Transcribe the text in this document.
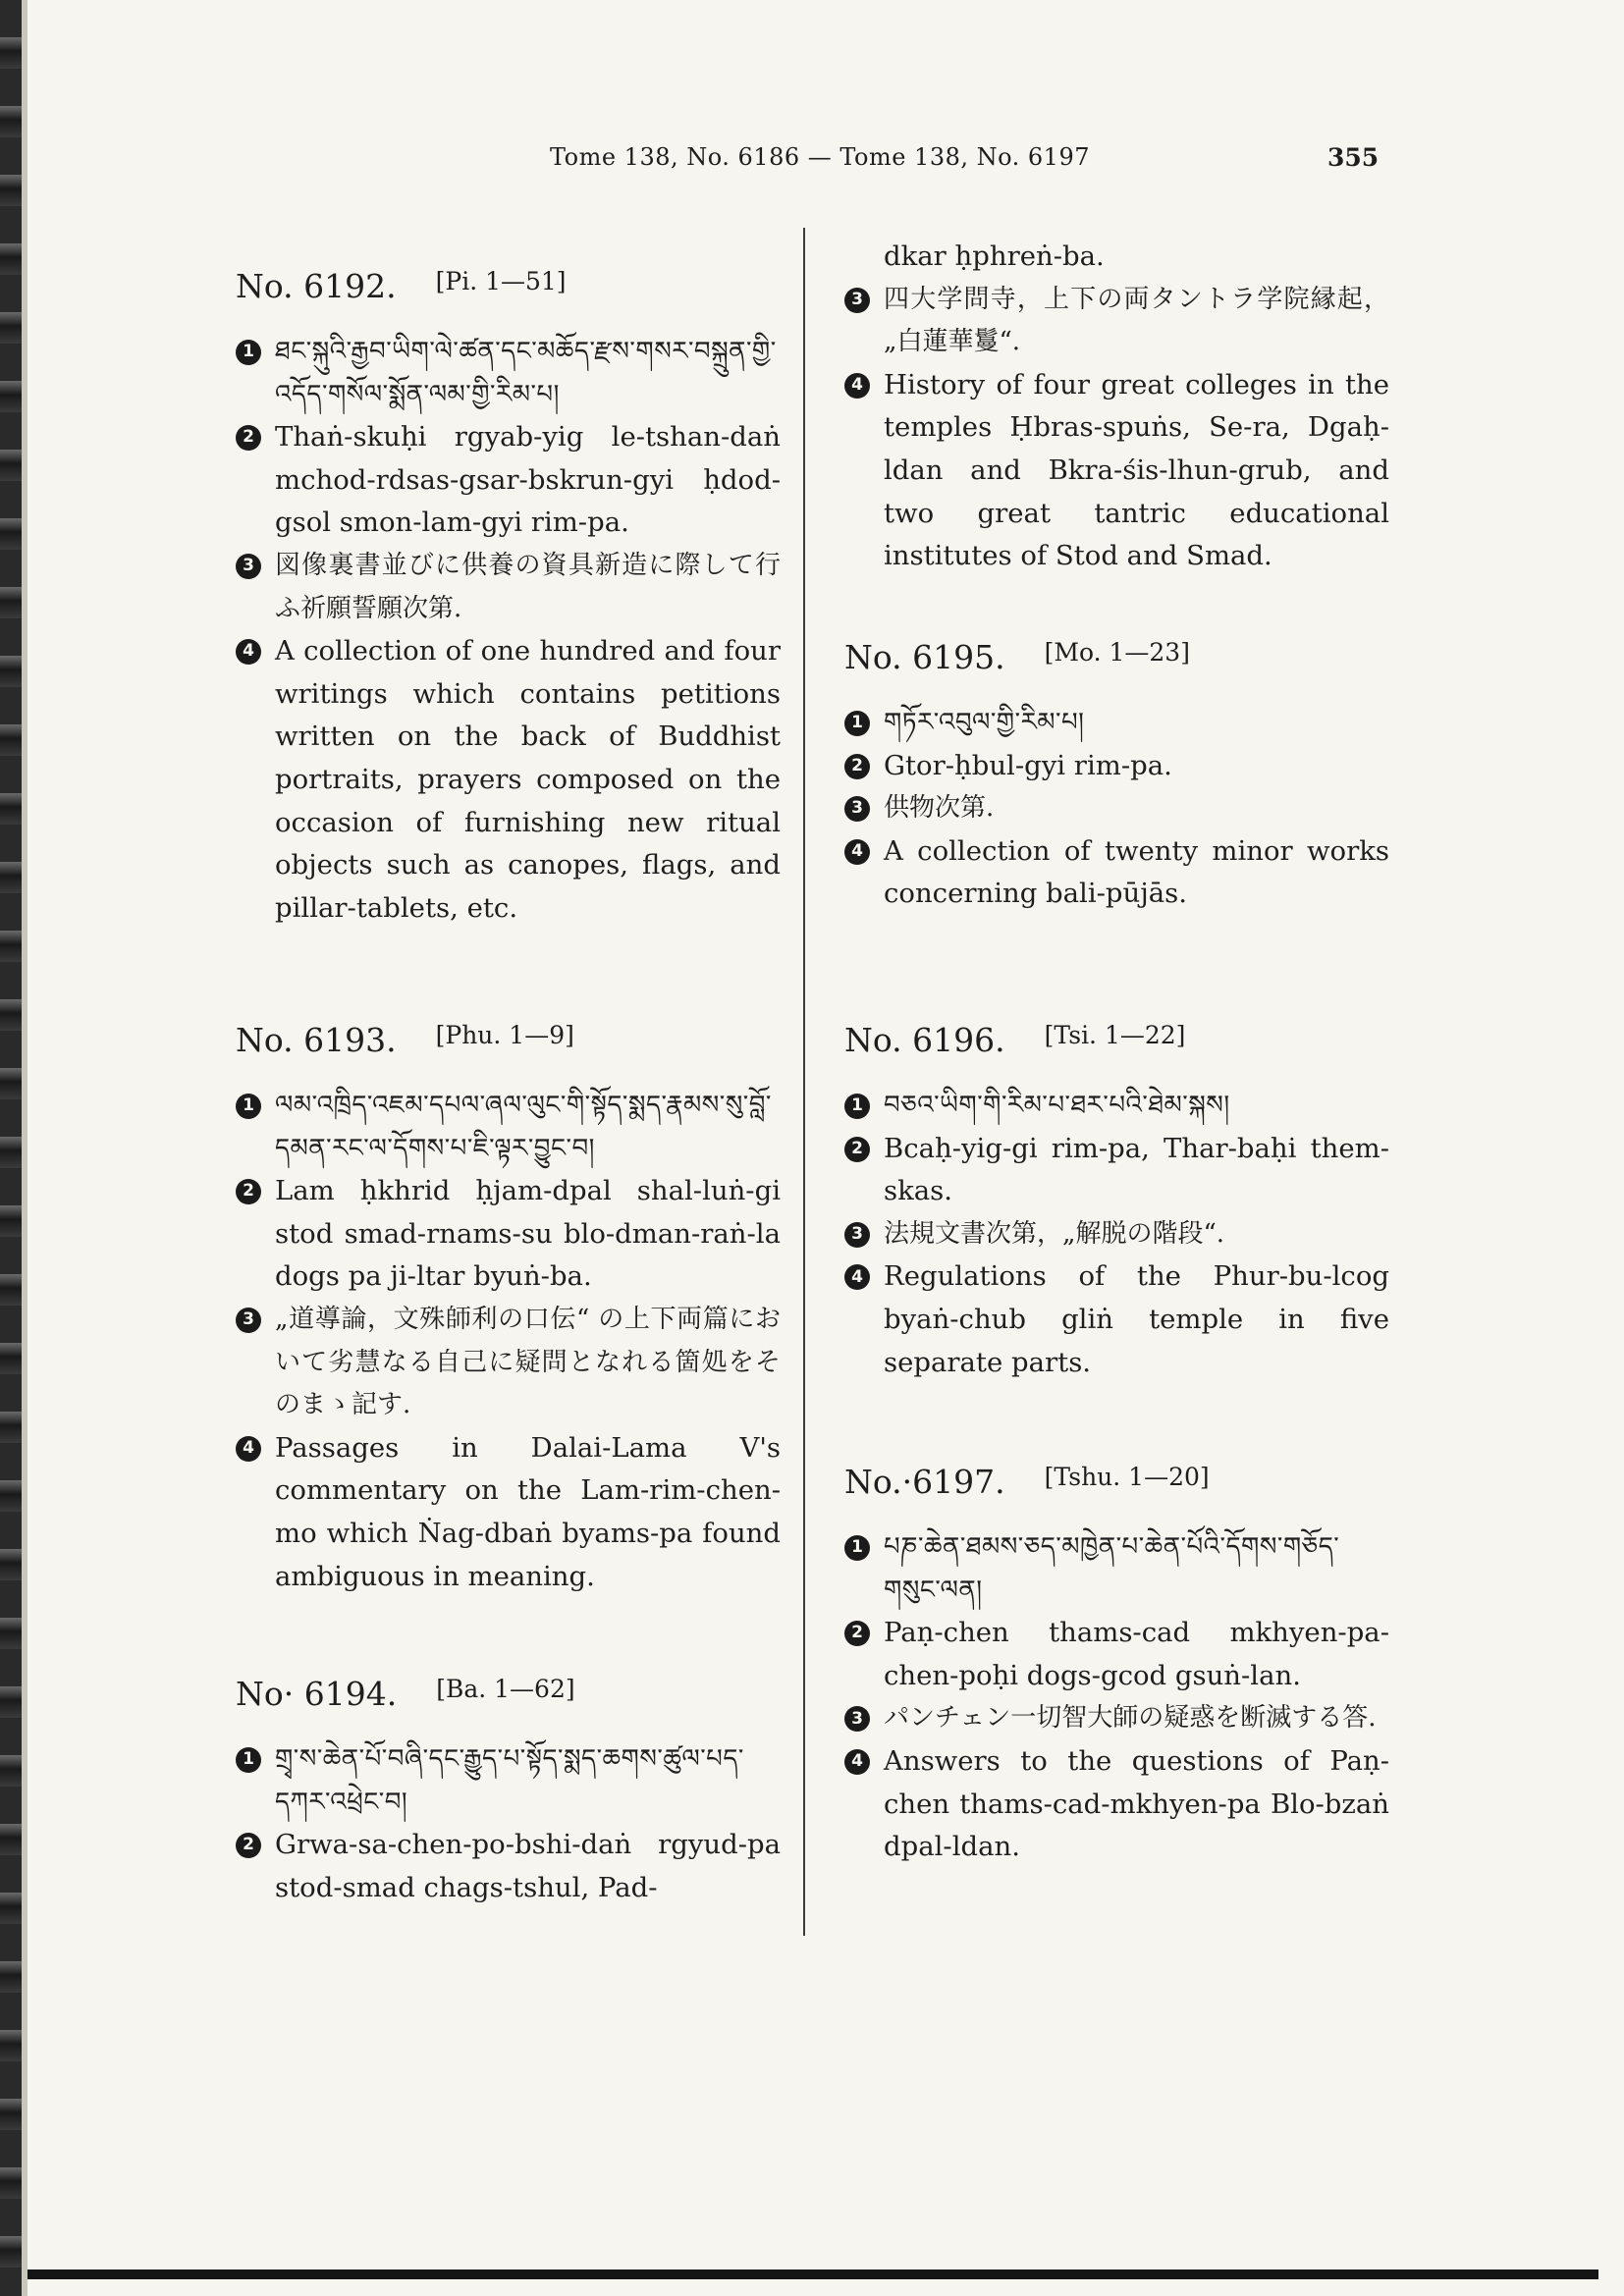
Tome 138, No. 6186 — Tome 138, No. 6197	355
No. 6192. [Pi. 1—51]
1 ཐང་སྐུའི་རྒྱབ་ཡིག་ལེ་ཚན་དང་མཆོད་རྫས་གསར་བསྐྲུན་གྱི་འདོད་གསོལ་སྨོན་ལམ་གྱི་རིམ་པ།
2 Thaṅ-skuḥi rgyab-yig le-tshan-daṅ mchod-rdsas-gsar-bskrun-gyi ḥdod-gsol smon-lam-gyi rim-pa.
3 図像裏書並びに供養の資具新造に際して行ふ祈願誓願次第.
4 A collection of one hundred and four writings which contains petitions written on the back of Buddhist portraits, prayers composed on the occasion of furnishing new ritual objects such as canopes, flags, and pillar-tablets, etc.
No. 6193. [Phu. 1—9]
1 ལམ་འཁྲིད་འཇམ་དཔལ་ཞལ་ལུང་གི་སྟོད་སྨད་རྣམས་སུ་བློ་དམན་རང་ལ་དོགས་པ་ཇི་ལྟར་བྱུང་བ།
2 Lam ḥkhrid ḥjam-dpal shal-luṅ-gi stod smad-rnams-su blo-dman-raṅ-la dogs pa ji-ltar byuṅ-ba.
3 „道導論，文殊師利の口伝“ の上下両篇において劣慧なる自己に疑問となれる箇処をそのまゝ記す.
4 Passages in Dalai-Lama V's commentary on the Lam-rim-chen-mo which Ṅag-dbaṅ byams-pa found ambiguous in meaning.
No· 6194. [Ba. 1—62]
1 གྲྭ་ས་ཆེན་པོ་བཞི་དང་རྒྱུད་པ་སྟོད་སྨད་ཆགས་ཚུལ་པད་དཀར་འཕྲེང་བ།
2 Grwa-sa-chen-po-bshi-daṅ rgyud-pa stod-smad chags-tshul, Pad-
dkar ḥphreṅ-ba.
3 四大学問寺，上下の両タントラ学院縁起，„白蓮華鬘“.
4 History of four great colleges in the temples Ḥbras-spuṅs, Se-ra, Dgaḥ-ldan and Bkra-śis-lhun-grub, and two great tantric educational institutes of Stod and Smad.
No. 6195. [Mo. 1—23]
1 གཏོར་འབུལ་གྱི་རིམ་པ།
2 Gtor-ḥbul-gyi rim-pa.
3 供物次第.
4 A collection of twenty minor works concerning bali-pūjās.
No. 6196. [Tsi. 1—22]
1 བཅའ་ཡིག་གི་རིམ་པ་ཐར་པའི་ཐེམ་སྐས།
2 Bcaḥ-yig-gi rim-pa, Thar-baḥi them-skas.
3 法規文書次第，„解脱の階段“.
4 Regulations of the Phur-bu-lcog byaṅ-chub gliṅ temple in five separate parts.
No.·6197. [Tshu. 1—20]
1 པཎ་ཆེན་ཐམས་ཅད་མཁྱེན་པ་ཆེན་པོའི་དོགས་གཅོད་གསུང་ལན།
2 Paṇ-chen thams-cad mkhyen-pa-chen-poḥi dogs-gcod gsuṅ-lan.
3 パンチェン一切智大師の疑惑を断滅する答.
4 Answers to the questions of Paṇ-chen thams-cad-mkhyen-pa Blo-bzaṅ dpal-ldan.
